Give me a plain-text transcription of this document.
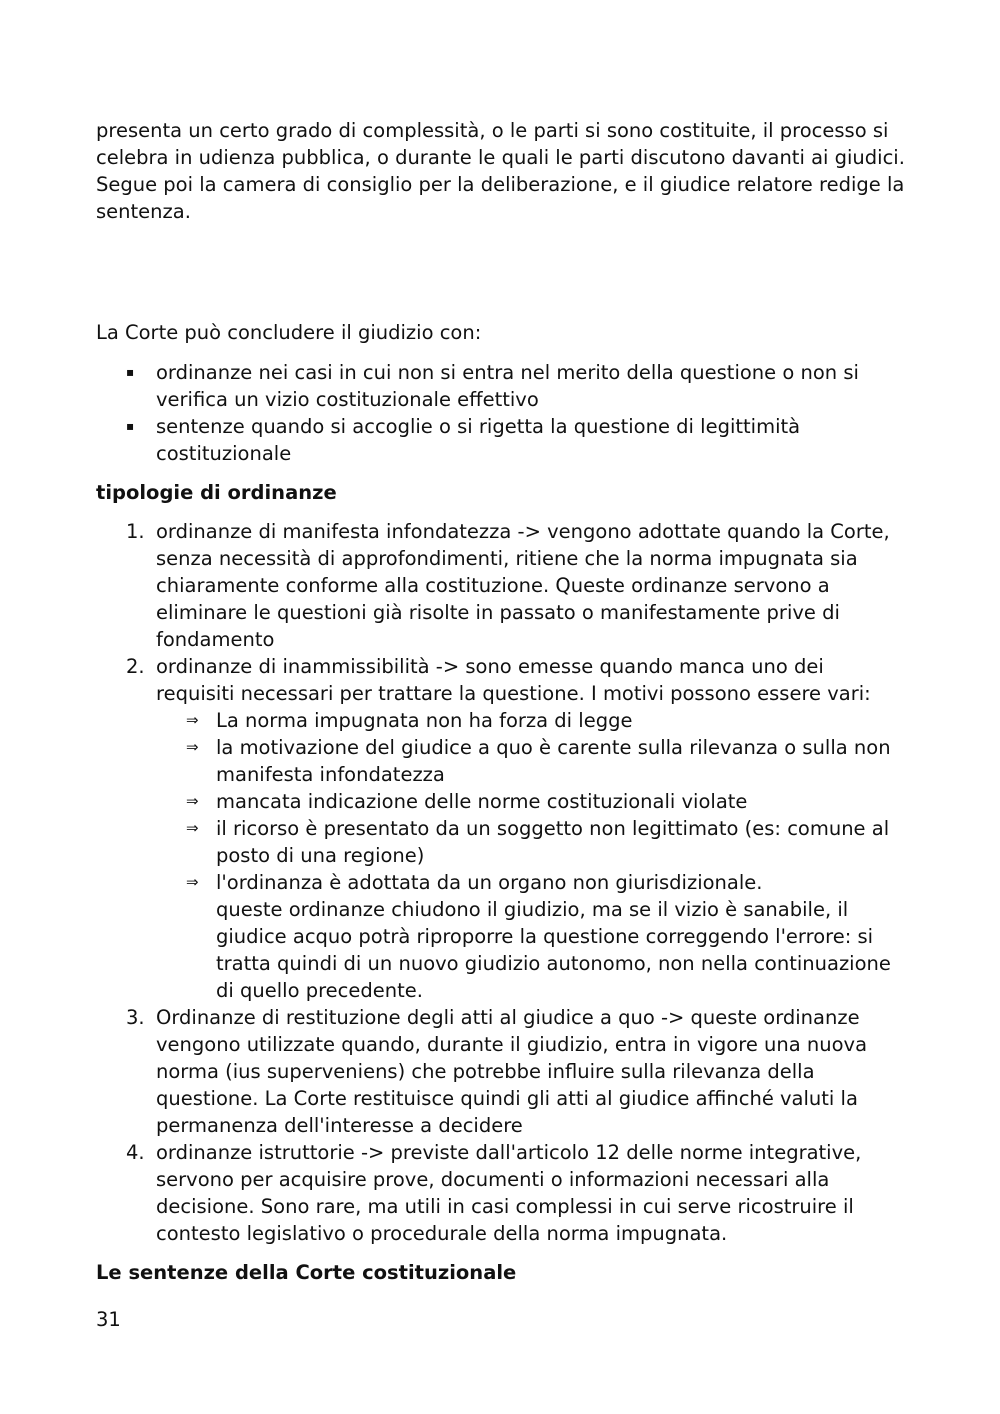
presenta un certo grado di complessità, o le parti si sono costituite, il processo si celebra in udienza pubblica, o durante le quali le parti discutono davanti ai giudici. Segue poi la camera di consiglio per la deliberazione, e il giudice relatore redige la sentenza.

La Corte può concludere il giudizio con:

▪ ordinanze nei casi in cui non si entra nel merito della questione o non si verifica un vizio costituzionale effettivo
▪ sentenze quando si accoglie o si rigetta la questione di legittimità costituzionale
tipologie di ordinanze
1. ordinanze di manifesta infondatezza -> vengono adottate quando la Corte, senza necessità di approfondimenti, ritiene che la norma impugnata sia chiaramente conforme alla costituzione. Queste ordinanze servono a eliminare le questioni già risolte in passato o manifestamente prive di fondamento
2. ordinanze di inammissibilità -> sono emesse quando manca uno dei requisiti necessari per trattare la questione. I motivi possono essere vari:
⇒ La norma impugnata non ha forza di legge
⇒ la motivazione del giudice a quo è carente sulla rilevanza o sulla non manifesta infondatezza
⇒ mancata indicazione delle norme costituzionali violate
⇒ il ricorso è presentato da un soggetto non legittimato (es: comune al posto di una regione)
⇒ l'ordinanza è adottata da un organo non giurisdizionale.
queste ordinanze chiudono il giudizio, ma se il vizio è sanabile, il giudice acquo potrà riproporre la questione correggendo l'errore: si tratta quindi di un nuovo giudizio autonomo, non nella continuazione di quello precedente.
3. Ordinanze di restituzione degli atti al giudice a quo -> queste ordinanze vengono utilizzate quando, durante il giudizio, entra in vigore una nuova norma (ius superveniens) che potrebbe influire sulla rilevanza della questione. La Corte restituisce quindi gli atti al giudice affinché valuti la permanenza dell'interesse a decidere
4. ordinanze istruttorie -> previste dall'articolo 12 delle norme integrative, servono per acquisire prove, documenti o informazioni necessari alla decisione. Sono rare, ma utili in casi complessi in cui serve ricostruire il contesto legislativo o procedurale della norma impugnata.
Le sentenze della Corte costituzionale
31
